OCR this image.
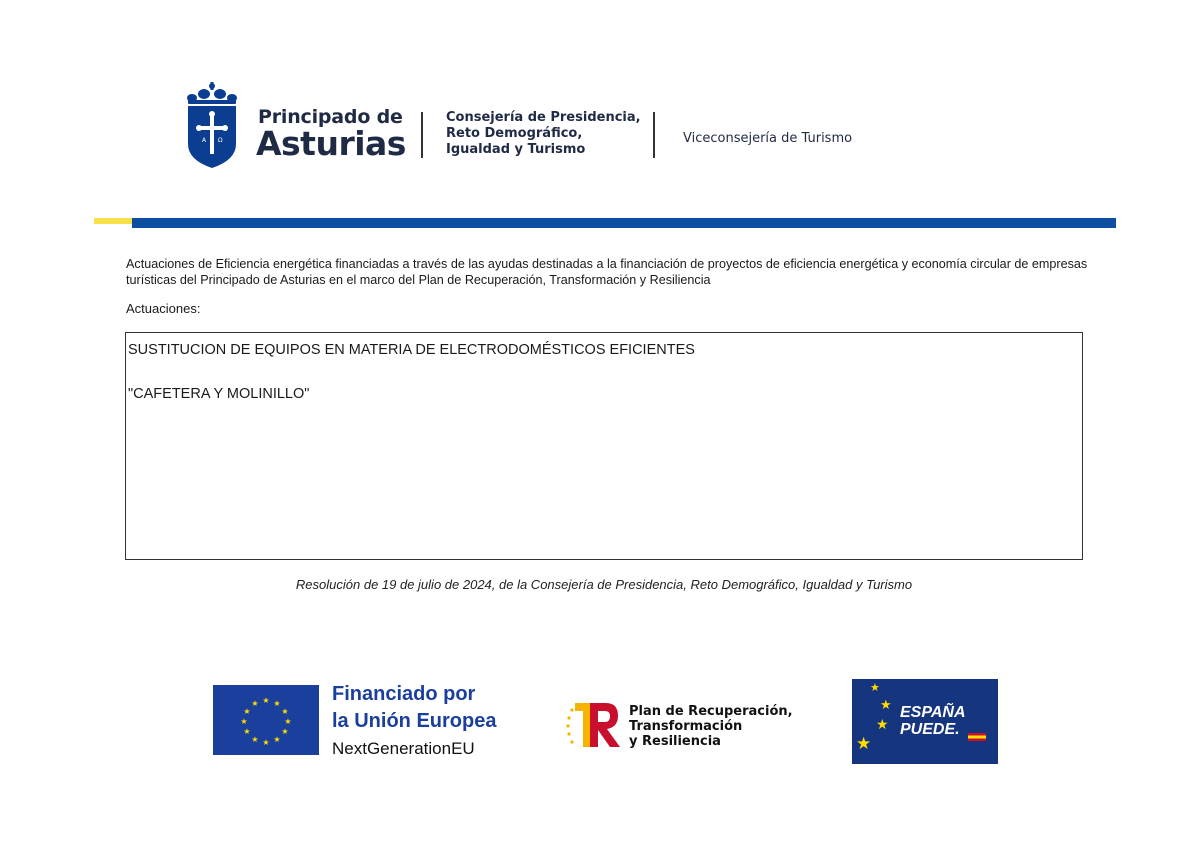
A Ω
Principado de
Asturias
Consejería de Presidencia,
Reto Demográfico,
Igualdad y Turismo
Viceconsejería de Turismo
Actuaciones de Eficiencia energética financiadas a través de las ayudas destinadas a la financiación de proyectos de eficiencia energética y economía circular de empresas turísticas del Principado de Asturias en el marco del Plan de Recuperación, Transformación y Resiliencia
Actuaciones:
SUSTITUCION DE EQUIPOS EN MATERIA DE ELECTRODOMÉSTICOS EFICIENTES
"CAFETERA Y MOLINILLO"
Resolución de 19 de julio de 2024, de la Consejería de Presidencia, Reto Demográfico, Igualdad y Turismo
★ ★
★
★
★
★
★
★
★
★
★
★	Financiado por
la Unión Europea
NextGenerationEU
Plan de Recuperación,
Transformación
y Resiliencia
★
★
★
★
ESPAÑA
PUEDE.
